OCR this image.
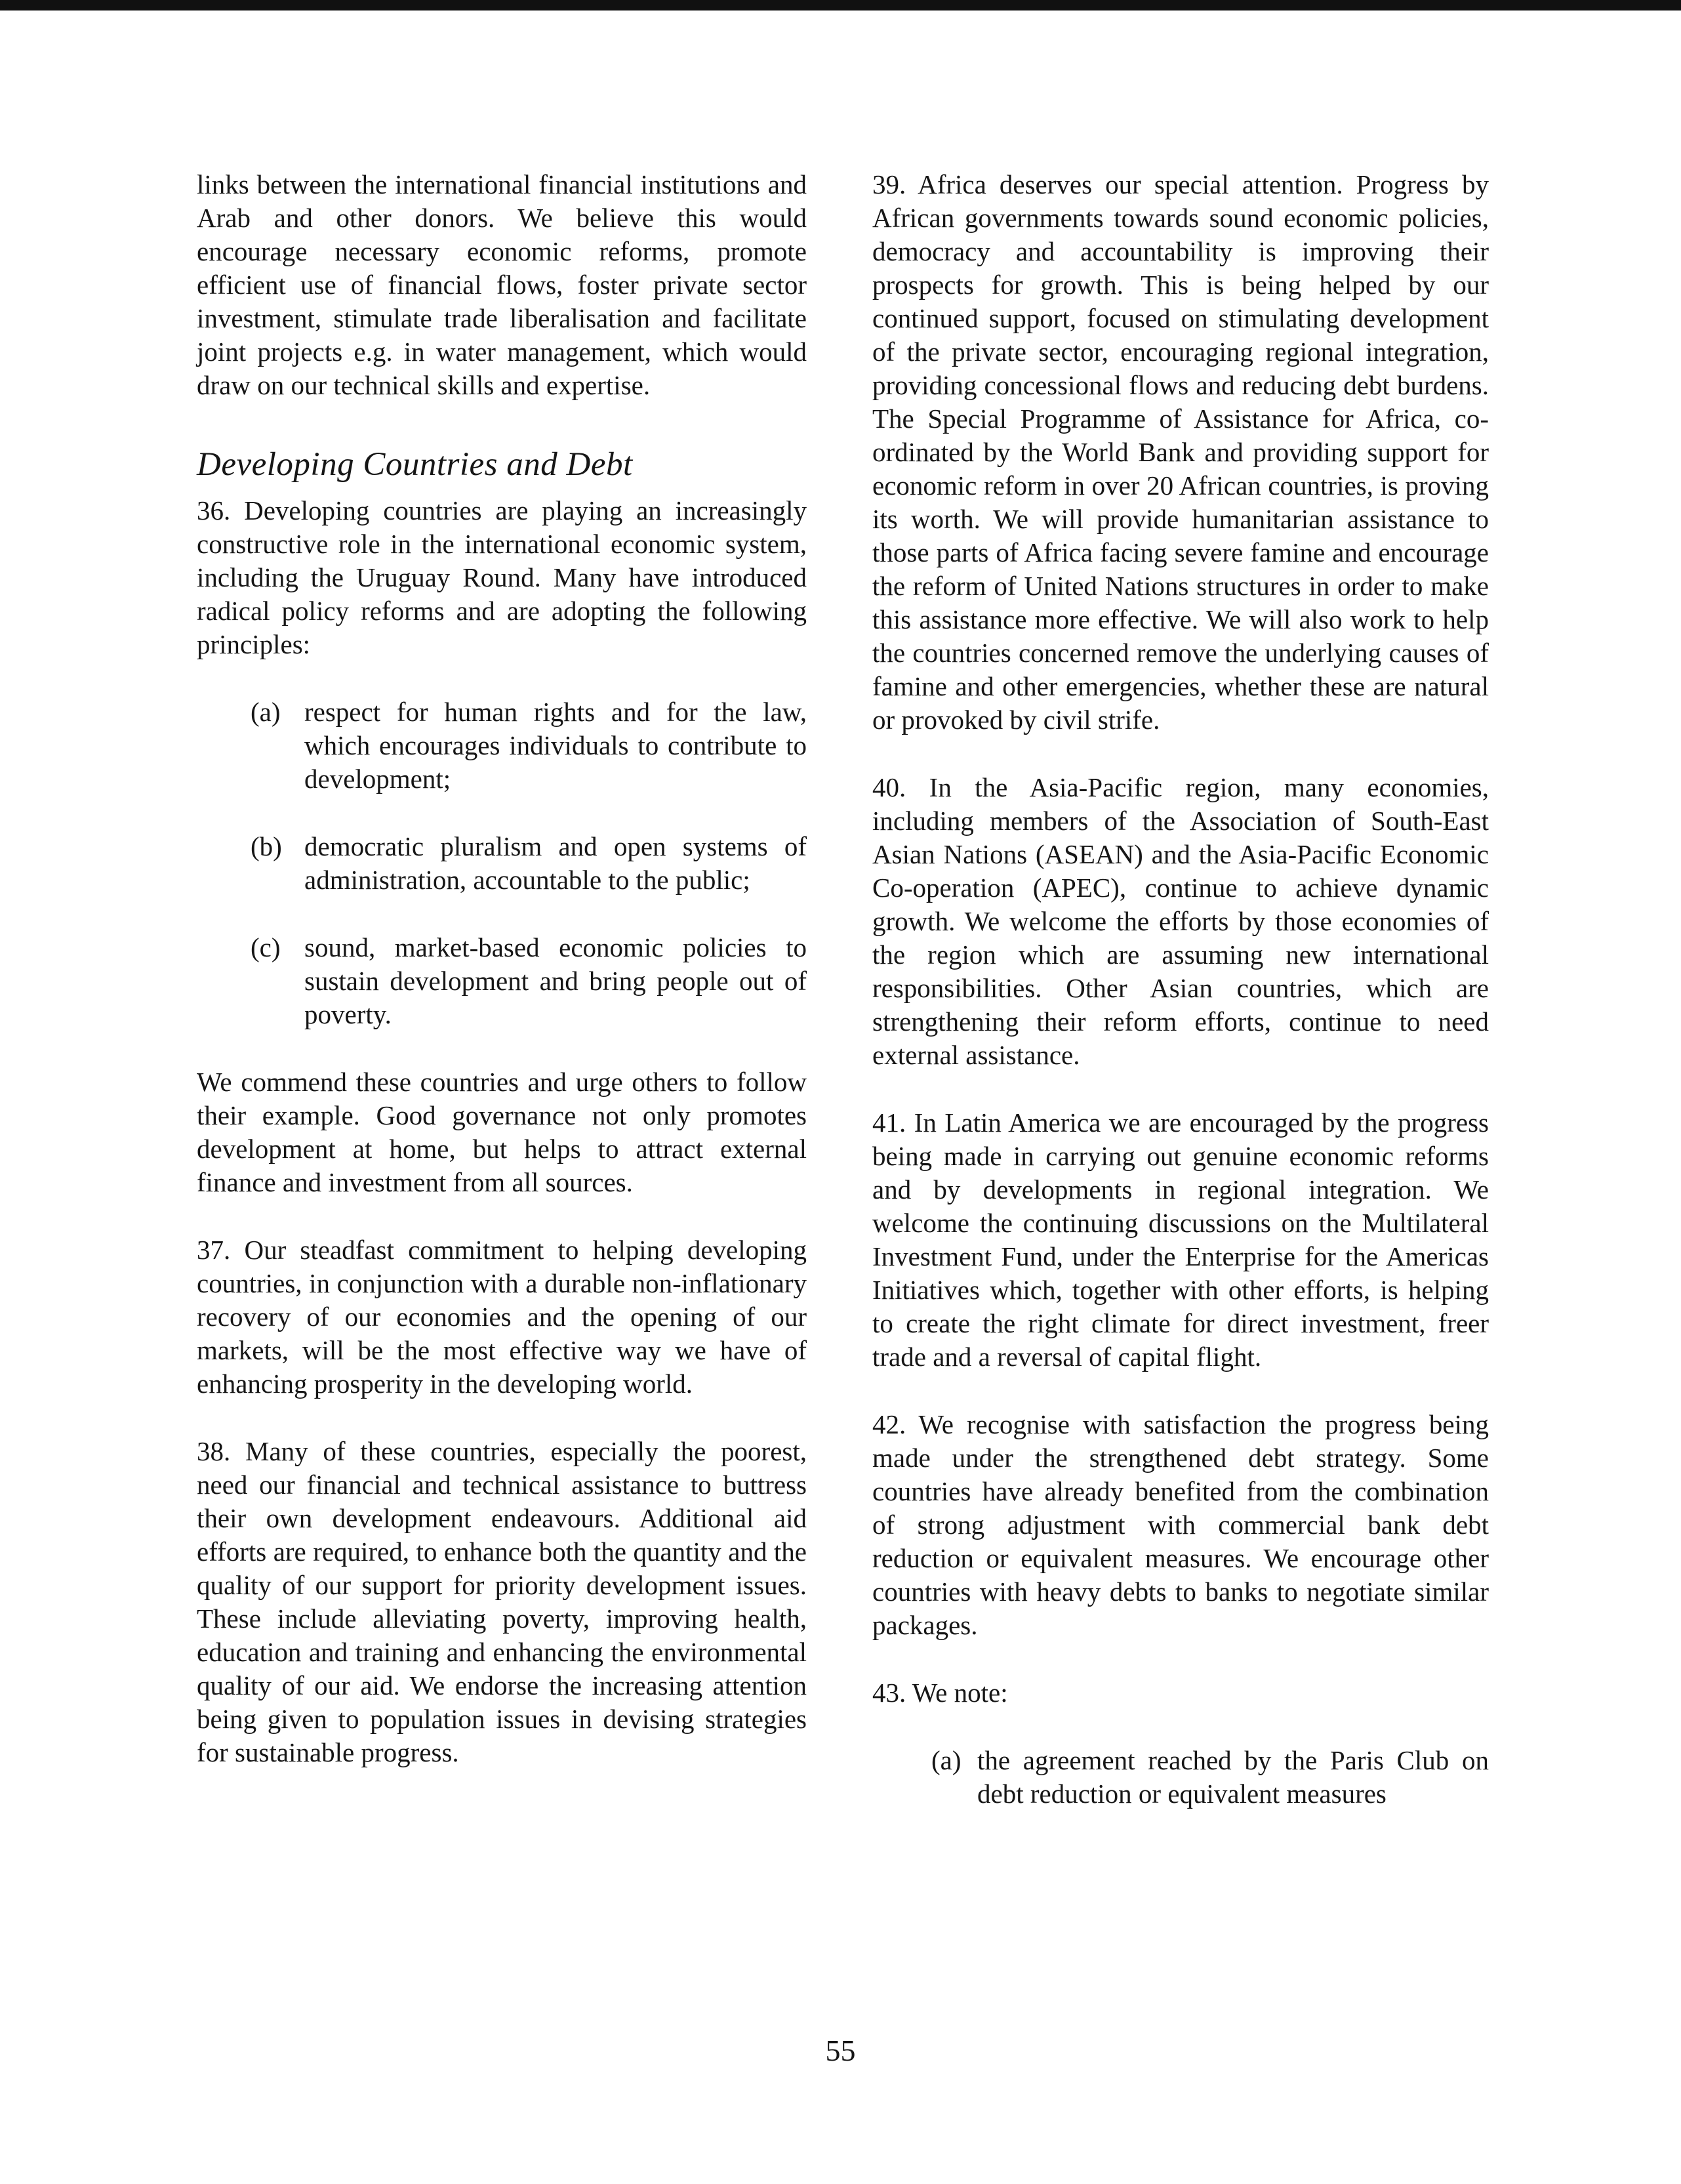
links between the international financial institutions and Arab and other donors. We believe this would encourage necessary economic reforms, promote efficient use of financial flows, foster private sector investment, stimulate trade liberalisation and facilitate joint projects e.g. in water management, which would draw on our technical skills and expertise.

Developing Countries and Debt

36. Developing countries are playing an increasingly constructive role in the international economic system, including the Uruguay Round. Many have introduced radical policy reforms and are adopting the following principles:

(a) respect for human rights and for the law, which encourages individuals to contribute to development;
(b) democratic pluralism and open systems of administration, accountable to the public;
(c) sound, market-based economic policies to sustain development and bring people out of poverty.

We commend these countries and urge others to follow their example. Good governance not only promotes development at home, but helps to attract external finance and investment from all sources.

37. Our steadfast commitment to helping developing countries, in conjunction with a durable non-inflationary recovery of our economies and the opening of our markets, will be the most effective way we have of enhancing prosperity in the developing world.

38. Many of these countries, especially the poorest, need our financial and technical assistance to buttress their own development endeavours. Additional aid efforts are required, to enhance both the quantity and the quality of our support for priority development issues. These include alleviating poverty, improving health, education and training and enhancing the environmental quality of our aid. We endorse the increasing attention being given to population issues in devising strategies for sustainable progress.

39. Africa deserves our special attention. Progress by African governments towards sound economic policies, democracy and accountability is improving their prospects for growth. This is being helped by our continued support, focused on stimulating development of the private sector, encouraging regional integration, providing concessional flows and reducing debt burdens. The Special Programme of Assistance for Africa, co-ordinated by the World Bank and providing support for economic reform in over 20 African countries, is proving its worth. We will provide humanitarian assistance to those parts of Africa facing severe famine and encourage the reform of United Nations structures in order to make this assistance more effective. We will also work to help the countries concerned remove the underlying causes of famine and other emergencies, whether these are natural or provoked by civil strife.

40. In the Asia-Pacific region, many economies, including members of the Association of South-East Asian Nations (ASEAN) and the Asia-Pacific Economic Co-operation (APEC), continue to achieve dynamic growth. We welcome the efforts by those economies of the region which are assuming new international responsibilities. Other Asian countries, which are strengthening their reform efforts, continue to need external assistance.

41. In Latin America we are encouraged by the progress being made in carrying out genuine economic reforms and by developments in regional integration. We welcome the continuing discussions on the Multilateral Investment Fund, under the Enterprise for the Americas Initiatives which, together with other efforts, is helping to create the right climate for direct investment, freer trade and a reversal of capital flight.

42. We recognise with satisfaction the progress being made under the strengthened debt strategy. Some countries have already benefited from the combination of strong adjustment with commercial bank debt reduction or equivalent measures. We encourage other countries with heavy debts to banks to negotiate similar packages.

43. We note:

(a) the agreement reached by the Paris Club on debt reduction or equivalent measures
55
